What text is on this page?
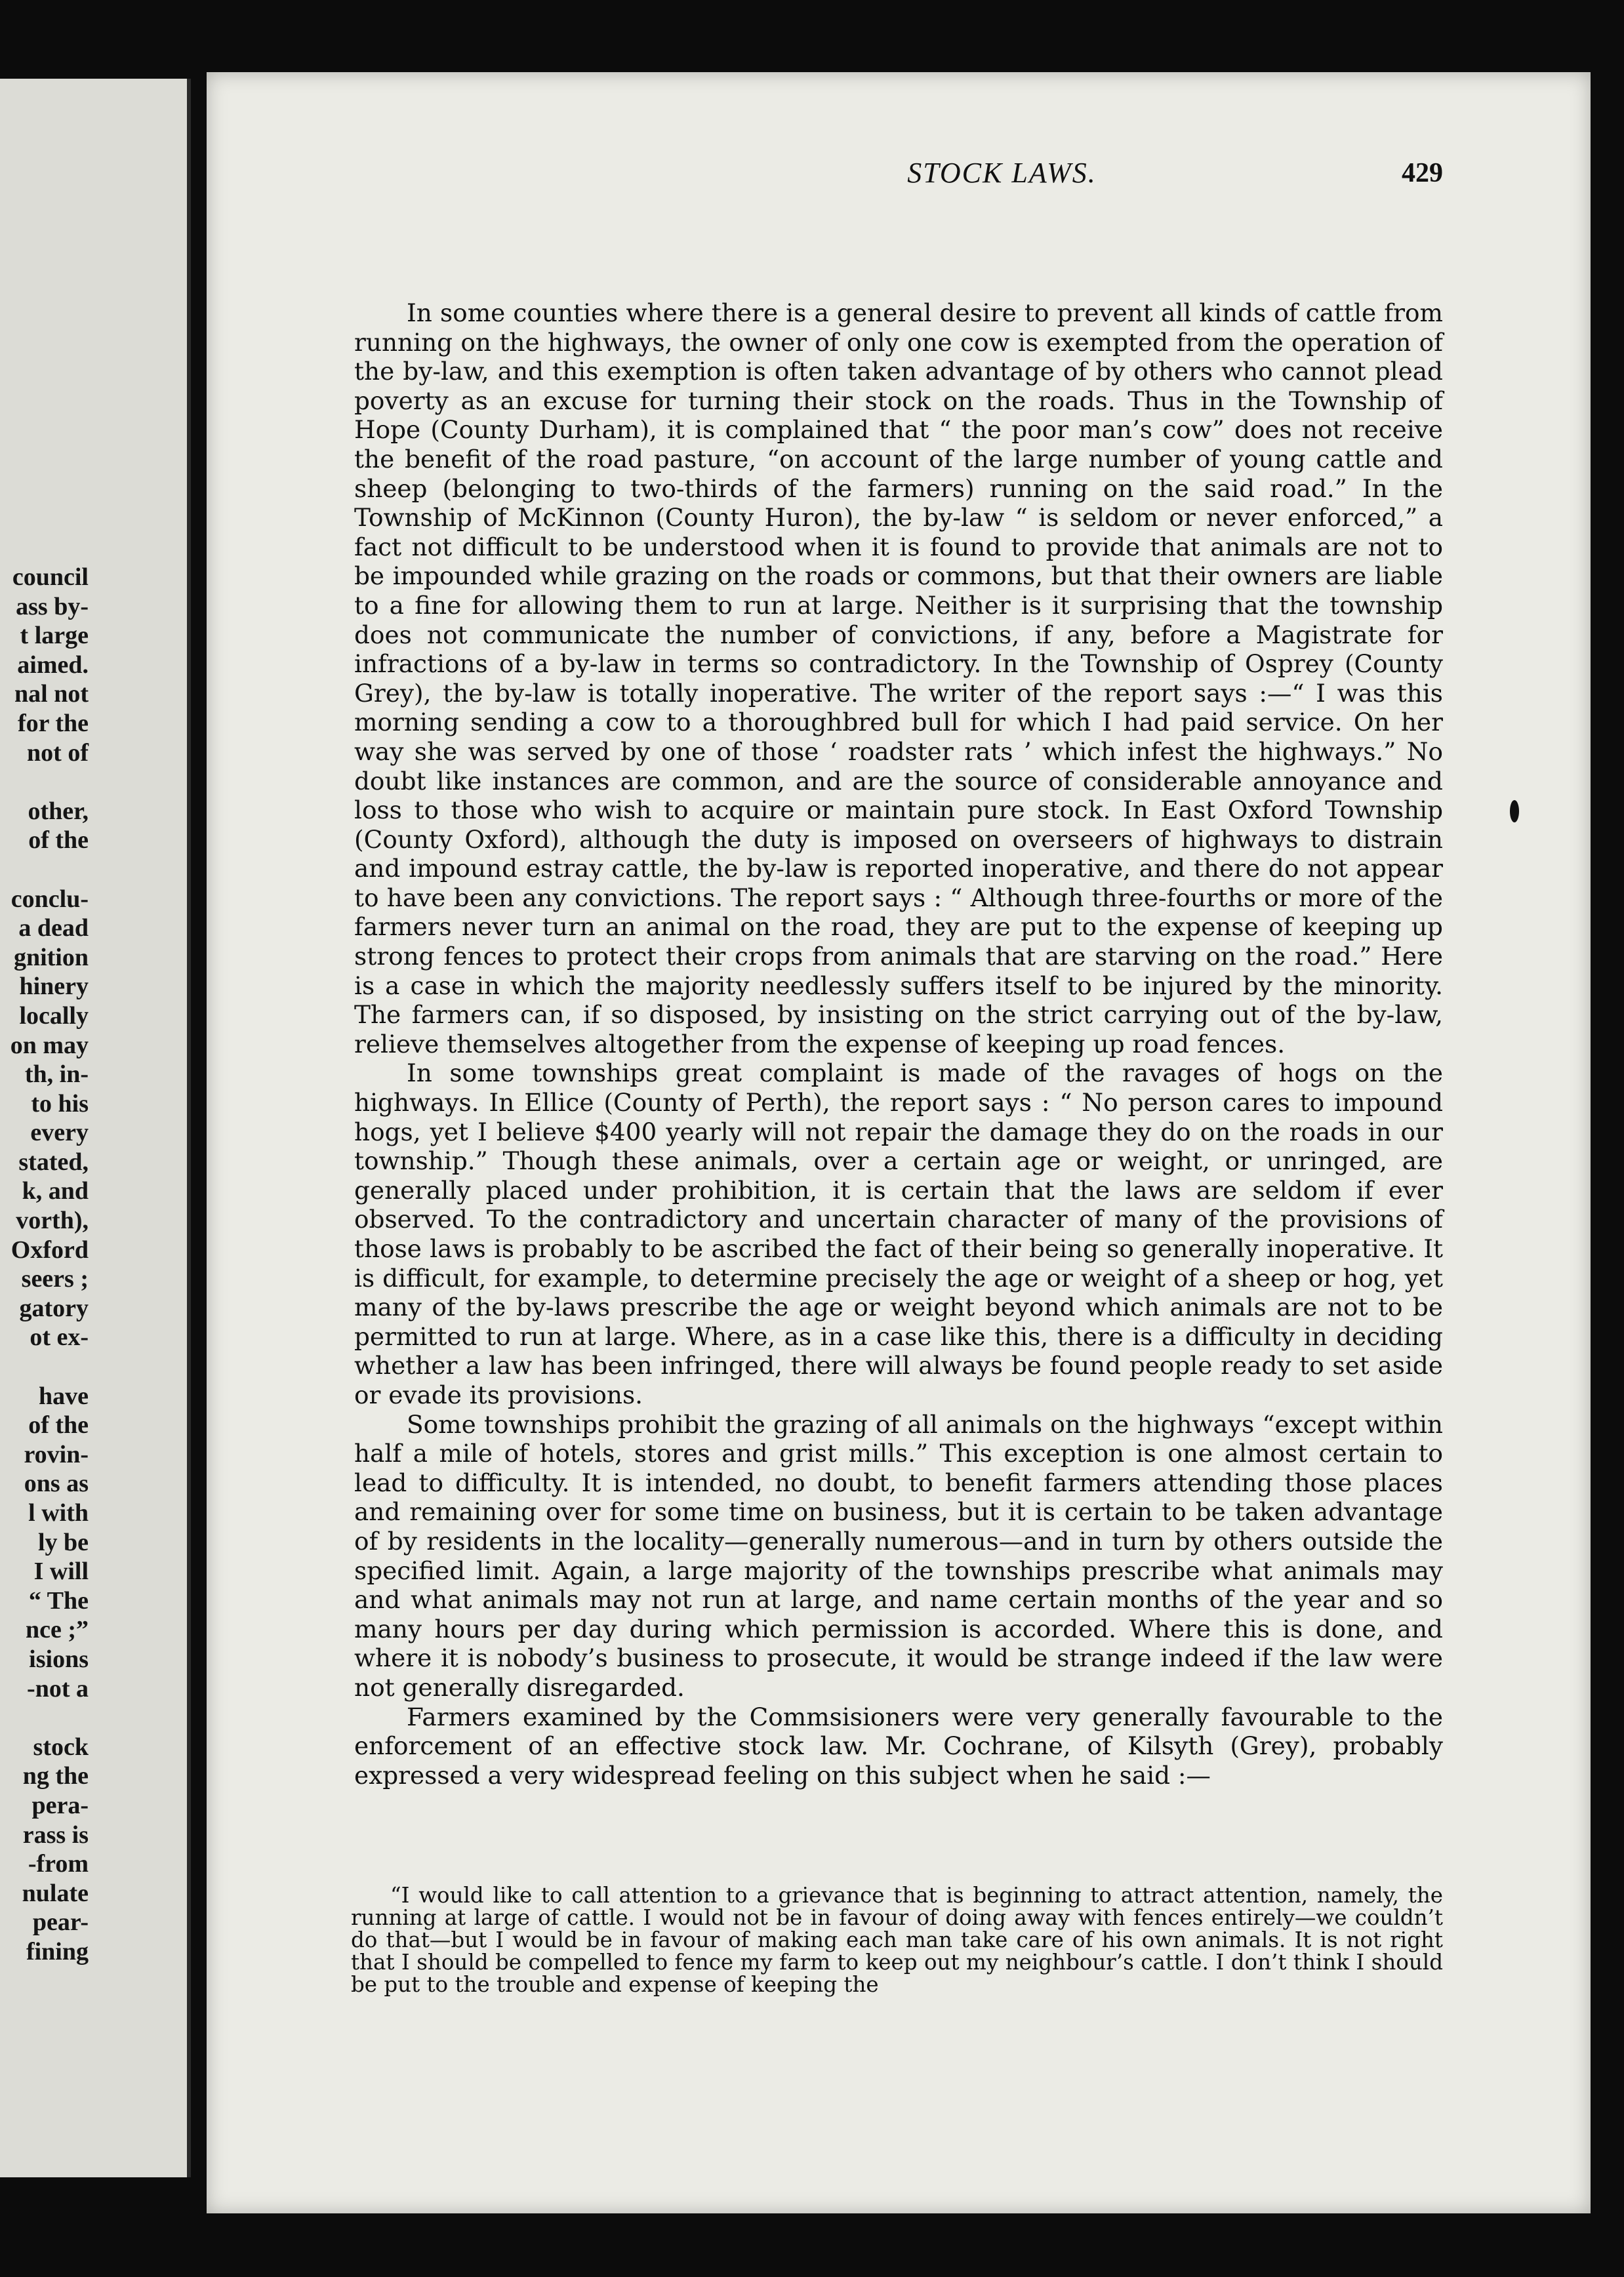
council
ass by-
t large
aimed.
nal not
for the
not of
other,
of the
conclu-
a dead
gnition
hinery
locally
on may
th, in-
to his
every
stated,
k, and
vorth),
Oxford
seers ;
gatory
ot ex-
have
of the
rovin-
ons as
l with
ly be
I will
“ The
nce ;”
isions
-not a
stock
ng the
pera-
rass is
-from
nulate
pear-
fining
STOCK LAWS.	429

In some counties where there is a general desire to prevent all kinds of cattle from running on the highways, the owner of only one cow is exempted from the operation of the by-law, and this exemption is often taken advantage of by others who cannot plead poverty as an excuse for turning their stock on the roads. Thus in the Township of Hope (County Durham), it is complained that “ the poor man’s cow” does not receive the benefit of the road pasture, “on account of the large number of young cattle and sheep (belonging to two-thirds of the farmers) running on the said road.” In the Township of McKinnon (County Huron), the by-law “ is seldom or never enforced,” a fact not difficult to be understood when it is found to provide that animals are not to be impounded while grazing on the roads or commons, but that their owners are liable to a fine for allowing them to run at large. Neither is it surprising that the township does not communicate the number of convictions, if any, before a Magistrate for infractions of a by-law in terms so contradictory. In the Township of Osprey (County Grey), the by-law is totally inoperative. The writer of the report says :—“ I was this morning sending a cow to a thoroughbred bull for which I had paid service. On her way she was served by one of those ‘ roadster rats ’ which infest the highways.” No doubt like instances are common, and are the source of considerable annoyance and loss to those who wish to acquire or maintain pure stock. In East Oxford Township (County Oxford), although the duty is imposed on overseers of highways to distrain and impound estray cattle, the by-law is reported inoperative, and there do not appear to have been any convictions. The report says : “ Although three-fourths or more of the farmers never turn an animal on the road, they are put to the expense of keeping up strong fences to protect their crops from animals that are starving on the road.” Here is a case in which the majority needlessly suffers itself to be injured by the minority. The farmers can, if so disposed, by insisting on the strict carrying out of the by-law, relieve themselves altogether from the expense of keeping up road fences.

In some townships great complaint is made of the ravages of hogs on the highways. In Ellice (County of Perth), the report says : “ No person cares to impound hogs, yet I believe $400 yearly will not repair the damage they do on the roads in our township.” Though these animals, over a certain age or weight, or unringed, are generally placed under prohibition, it is certain that the laws are seldom if ever observed. To the contradictory and uncertain character of many of the provisions of those laws is probably to be ascribed the fact of their being so generally inoperative. It is difficult, for example, to determine precisely the age or weight of a sheep or hog, yet many of the by-laws prescribe the age or weight beyond which animals are not to be permitted to run at large. Where, as in a case like this, there is a difficulty in deciding whether a law has been infringed, there will always be found people ready to set aside or evade its provisions.

Some townships prohibit the grazing of all animals on the highways “except within half a mile of hotels, stores and grist mills.” This exception is one almost certain to lead to difficulty. It is intended, no doubt, to benefit farmers attending those places and remaining over for some time on business, but it is certain to be taken advantage of by residents in the locality—generally numerous—and in turn by others outside the specified limit. Again, a large majority of the townships prescribe what animals may and what animals may not run at large, and name certain months of the year and so many hours per day during which permission is accorded. Where this is done, and where it is nobody’s business to prosecute, it would be strange indeed if the law were not generally disregarded.

Farmers examined by the Commsisioners were very generally favourable to the enforcement of an effective stock law. Mr. Cochrane, of Kilsyth (Grey), probably expressed a very widespread feeling on this subject when he said :—

“I would like to call attention to a grievance that is beginning to attract attention, namely, the running at large of cattle. I would not be in favour of doing away with fences entirely—we couldn’t do that—but I would be in favour of making each man take care of his own animals. It is not right that I should be compelled to fence my farm to keep out my neighbour’s cattle. I don’t think I should be put to the trouble and expense of keeping the
